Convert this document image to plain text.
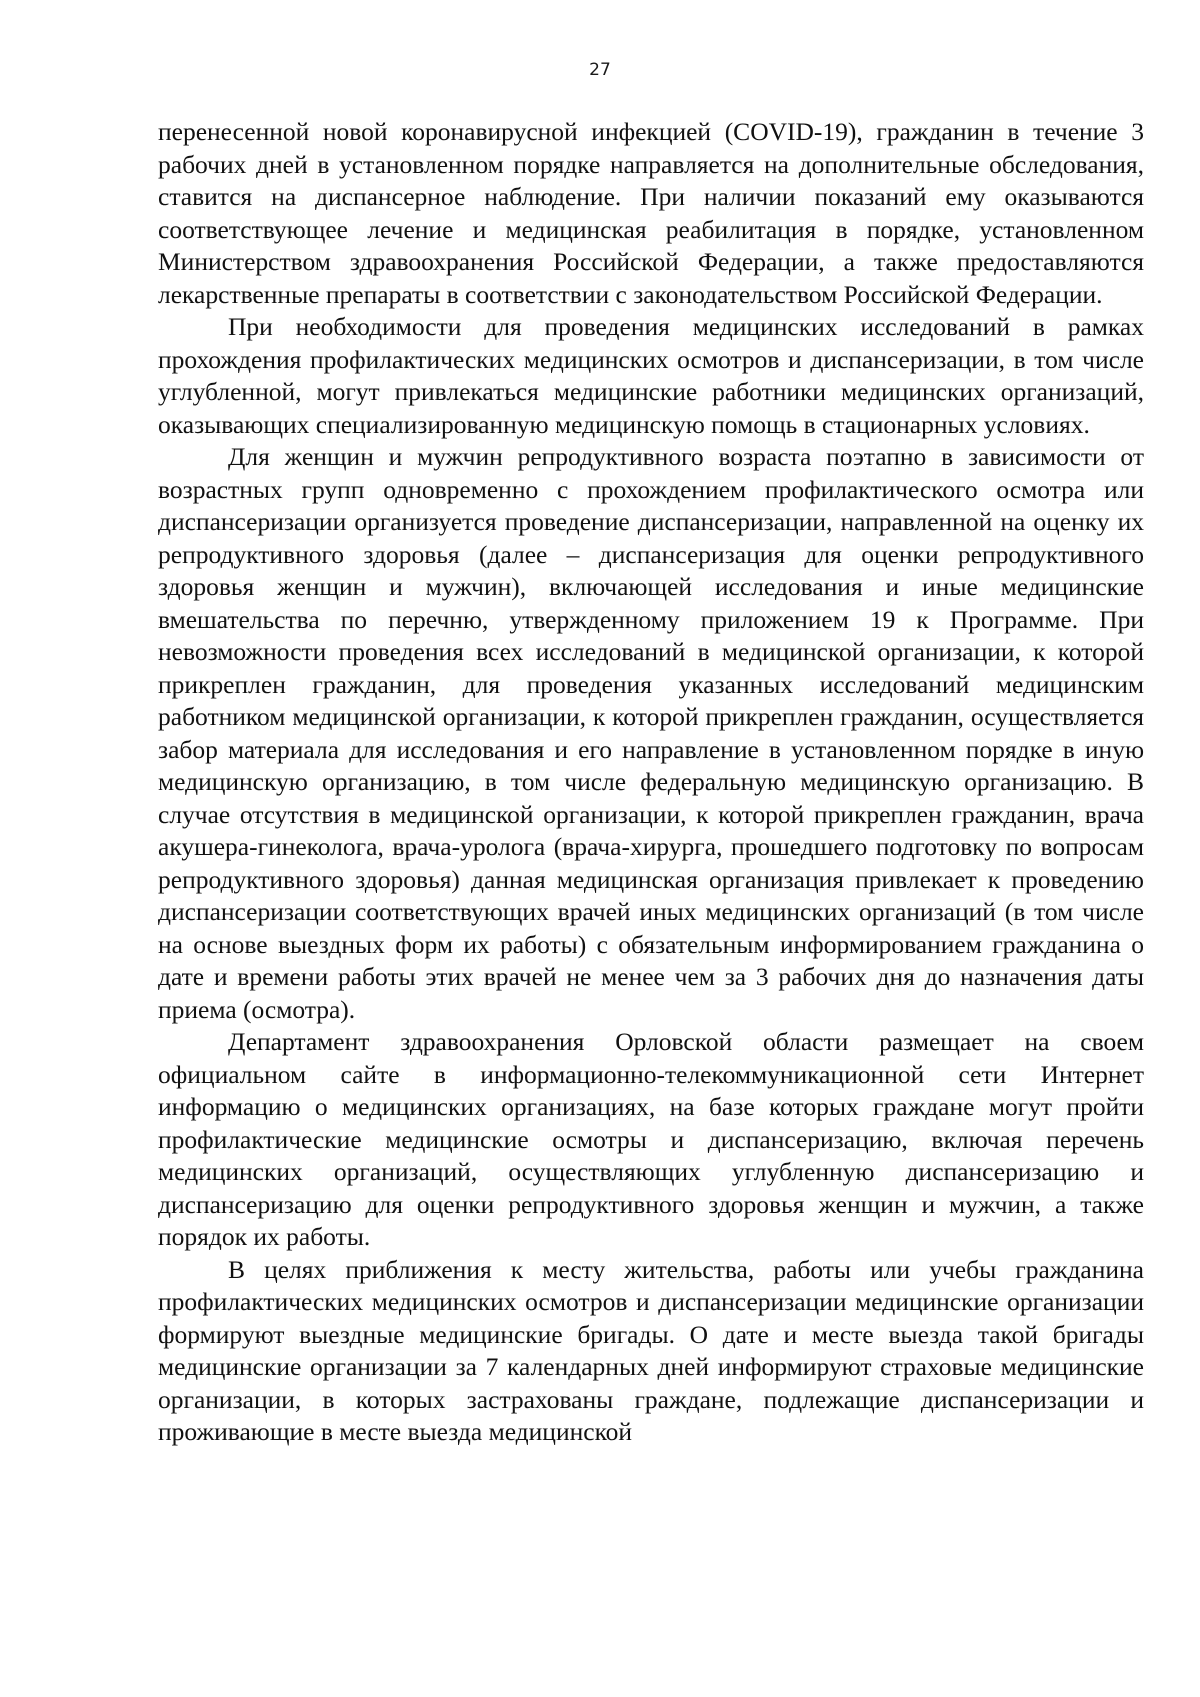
27

перенесенной новой коронавирусной инфекцией (COVID-19), гражданин в течение 3 рабочих дней в установленном порядке направляется на дополнительные обследования, ставится на диспансерное наблюдение. При наличии показаний ему оказываются соответствующее лечение и медицинская реабилитация в порядке, установленном Министерством здравоохранения Российской Федерации, а также предоставляются лекарственные препараты в соответствии с законодательством Российской Федерации.

При необходимости для проведения медицинских исследований в рамках прохождения профилактических медицинских осмотров и диспансеризации, в том числе углубленной, могут привлекаться медицинские работники медицинских организаций, оказывающих специализированную медицинскую помощь в стационарных условиях.

Для женщин и мужчин репродуктивного возраста поэтапно в зависимости от возрастных групп одновременно с прохождением профилактического осмотра или диспансеризации организуется проведение диспансеризации, направленной на оценку их репродуктивного здоровья (далее – диспансеризация для оценки репродуктивного здоровья женщин и мужчин), включающей исследования и иные медицинские вмешательства по перечню, утвержденному приложением 19 к Программе. При невозможности проведения всех исследований в медицинской организации, к которой прикреплен гражданин, для проведения указанных исследований медицинским работником медицинской организации, к которой прикреплен гражданин, осуществляется забор материала для исследования и его направление в установленном порядке в иную медицинскую организацию, в том числе федеральную медицинскую организацию. В случае отсутствия в медицинской организации, к которой прикреплен гражданин, врача акушера-гинеколога, врача-уролога (врача-хирурга, прошедшего подготовку по вопросам репродуктивного здоровья) данная медицинская организация привлекает к проведению диспансеризации соответствующих врачей иных медицинских организаций (в том числе на основе выездных форм их работы) с обязательным информированием гражданина о дате и времени работы этих врачей не менее чем за 3 рабочих дня до назначения даты приема (осмотра).

Департамент здравоохранения Орловской области размещает на своем официальном сайте в информационно-телекоммуникационной сети Интернет информацию о медицинских организациях, на базе которых граждане могут пройти профилактические медицинские осмотры и диспансеризацию, включая перечень медицинских организаций, осуществляющих углубленную диспансеризацию и диспансеризацию для оценки репродуктивного здоровья женщин и мужчин, а также порядок их работы.

В целях приближения к месту жительства, работы или учебы гражданина профилактических медицинских осмотров и диспансеризации медицинские организации формируют выездные медицинские бригады. О дате и месте выезда такой бригады медицинские организации за 7 календарных дней информируют страховые медицинские организации, в которых застрахованы граждане, подлежащие диспансеризации и проживающие в месте выезда медицинской
